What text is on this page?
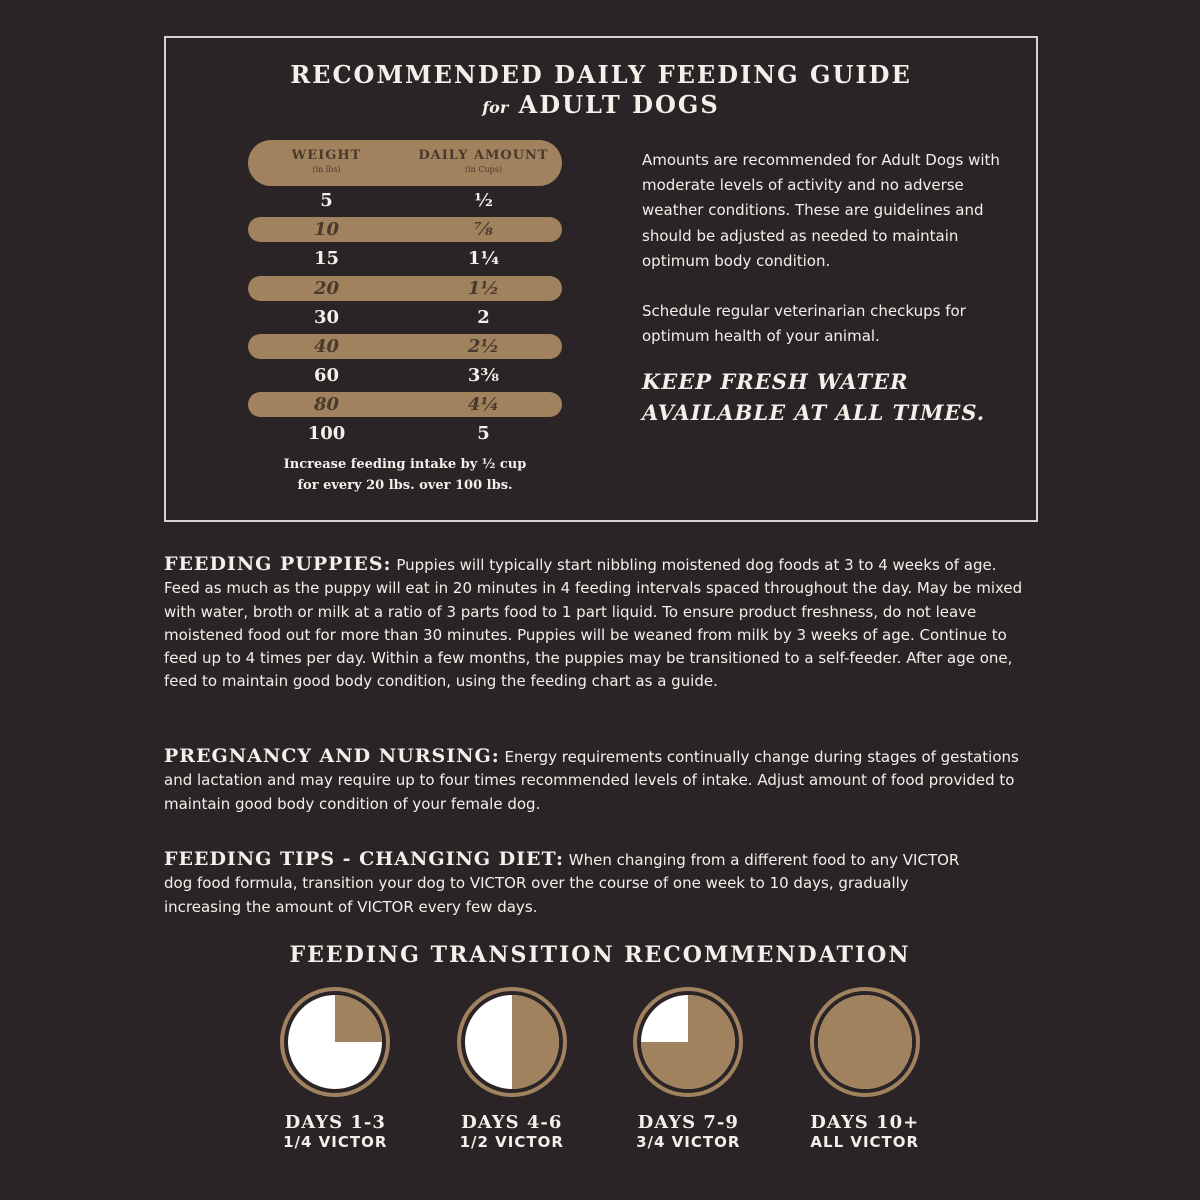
RECOMMENDED DAILY FEEDING GUIDE
for ADULT DOGS
WEIGHT
(in lbs)
DAILY AMOUNT
(in Cups)
5	½
10	⅞
15	1¼
20	1½
30	2
40	2½
60	3⅜
80	4¼
100	5
Increase feeding intake by ½ cup
for every 20 lbs. over 100 lbs.

Amounts are recommended for Adult Dogs with moderate levels of activity and no adverse weather conditions. These are guidelines and should be adjusted as needed to maintain optimum body condition.

Schedule regular veterinarian checkups for optimum health of your animal.

KEEP FRESH WATER
AVAILABLE AT ALL TIMES.
FEEDING PUPPIES: Puppies will typically start nibbling moistened dog foods at 3 to 4 weeks of age. Feed as much as the puppy will eat in 20 minutes in 4 feeding intervals spaced throughout the day. May be mixed with water, broth or milk at a ratio of 3 parts food to 1 part liquid. To ensure product freshness, do not leave moistened food out for more than 30 minutes. Puppies will be weaned from milk by 3 weeks of age. Continue to feed up to 4 times per day. Within a few months, the puppies may be transitioned to a self-feeder. After age one, feed to maintain good body condition, using the feeding chart as a guide.
PREGNANCY AND NURSING: Energy requirements continually change during stages of gestations and lactation and may require up to four times recommended levels of intake. Adjust amount of food provided to maintain good body condition of your female dog.
FEEDING TIPS - CHANGING DIET: When changing from a different food to any VICTOR dog food formula, transition your dog to VICTOR over the course of one week to 10 days, gradually increasing the amount of VICTOR every few days.
FEEDING TRANSITION RECOMMENDATION
DAYS 1-3
1/4 VICTOR
DAYS 4-6
1/2 VICTOR
DAYS 7-9
3/4 VICTOR
DAYS 10+
ALL VICTOR
